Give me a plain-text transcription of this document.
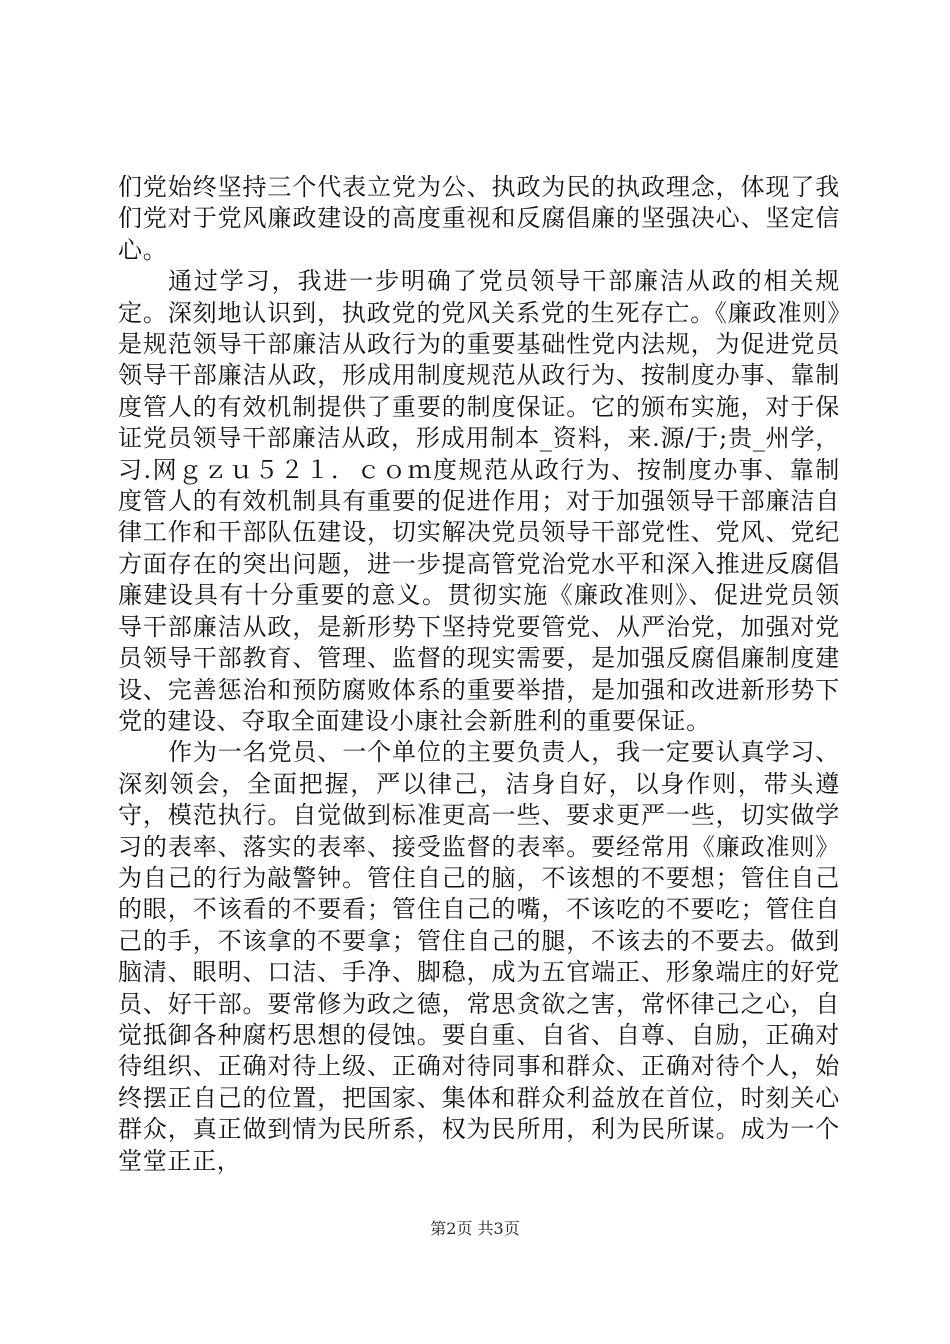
们党始终坚持三个代表立党为公、执政为民的执政理念，体现了我们党对于党风廉政建设的高度重视和反腐倡廉的坚强决心、坚定信心。

通过学习，我进一步明确了党员领导干部廉洁从政的相关规定。深刻地认识到，执政党的党风关系党的生死存亡。《廉政准则》是规范领导干部廉洁从政行为的重要基础性党内法规，为促进党员领导干部廉洁从政，形成用制度规范从政行为、按制度办事、靠制度管人的有效机制提供了重要的制度保证。它的颁布实施，对于保证党员领导干部廉洁从政，形成用制本_资料，来.源/于;贵_州学，习.网ｇｚｕ５２１．ｃｏｍ度规范从政行为、按制度办事、靠制度管人的有效机制具有重要的促进作用；对于加强领导干部廉洁自律工作和干部队伍建设，切实解决党员领导干部党性、党风、党纪方面存在的突出问题，进一步提高管党治党水平和深入推进反腐倡廉建设具有十分重要的意义。贯彻实施《廉政准则》、促进党员领导干部廉洁从政，是新形势下坚持党要管党、从严治党，加强对党员领导干部教育、管理、监督的现实需要，是加强反腐倡廉制度建设、完善惩治和预防腐败体系的重要举措，是加强和改进新形势下党的建设、夺取全面建设小康社会新胜利的重要保证。

作为一名党员、一个单位的主要负责人，我一定要认真学习、深刻领会，全面把握，严以律己，洁身自好，以身作则，带头遵守，模范执行。自觉做到标准更高一些、要求更严一些，切实做学习的表率、落实的表率、接受监督的表率。要经常用《廉政准则》为自己的行为敲警钟。管住自己的脑，不该想的不要想；管住自己的眼，不该看的不要看；管住自己的嘴，不该吃的不要吃；管住自己的手，不该拿的不要拿；管住自己的腿，不该去的不要去。做到脑清、眼明、口洁、手净、脚稳，成为五官端正、形象端庄的好党员、好干部。要常修为政之德，常思贪欲之害，常怀律己之心，自觉抵御各种腐朽思想的侵蚀。要自重、自省、自尊、自励，正确对待组织、正确对待上级、正确对待同事和群众、正确对待个人，始终摆正自己的位置，把国家、集体和群众利益放在首位，时刻关心群众，真正做到情为民所系，权为民所用，利为民所谋。成为一个堂堂正正，

第2页 共3页
